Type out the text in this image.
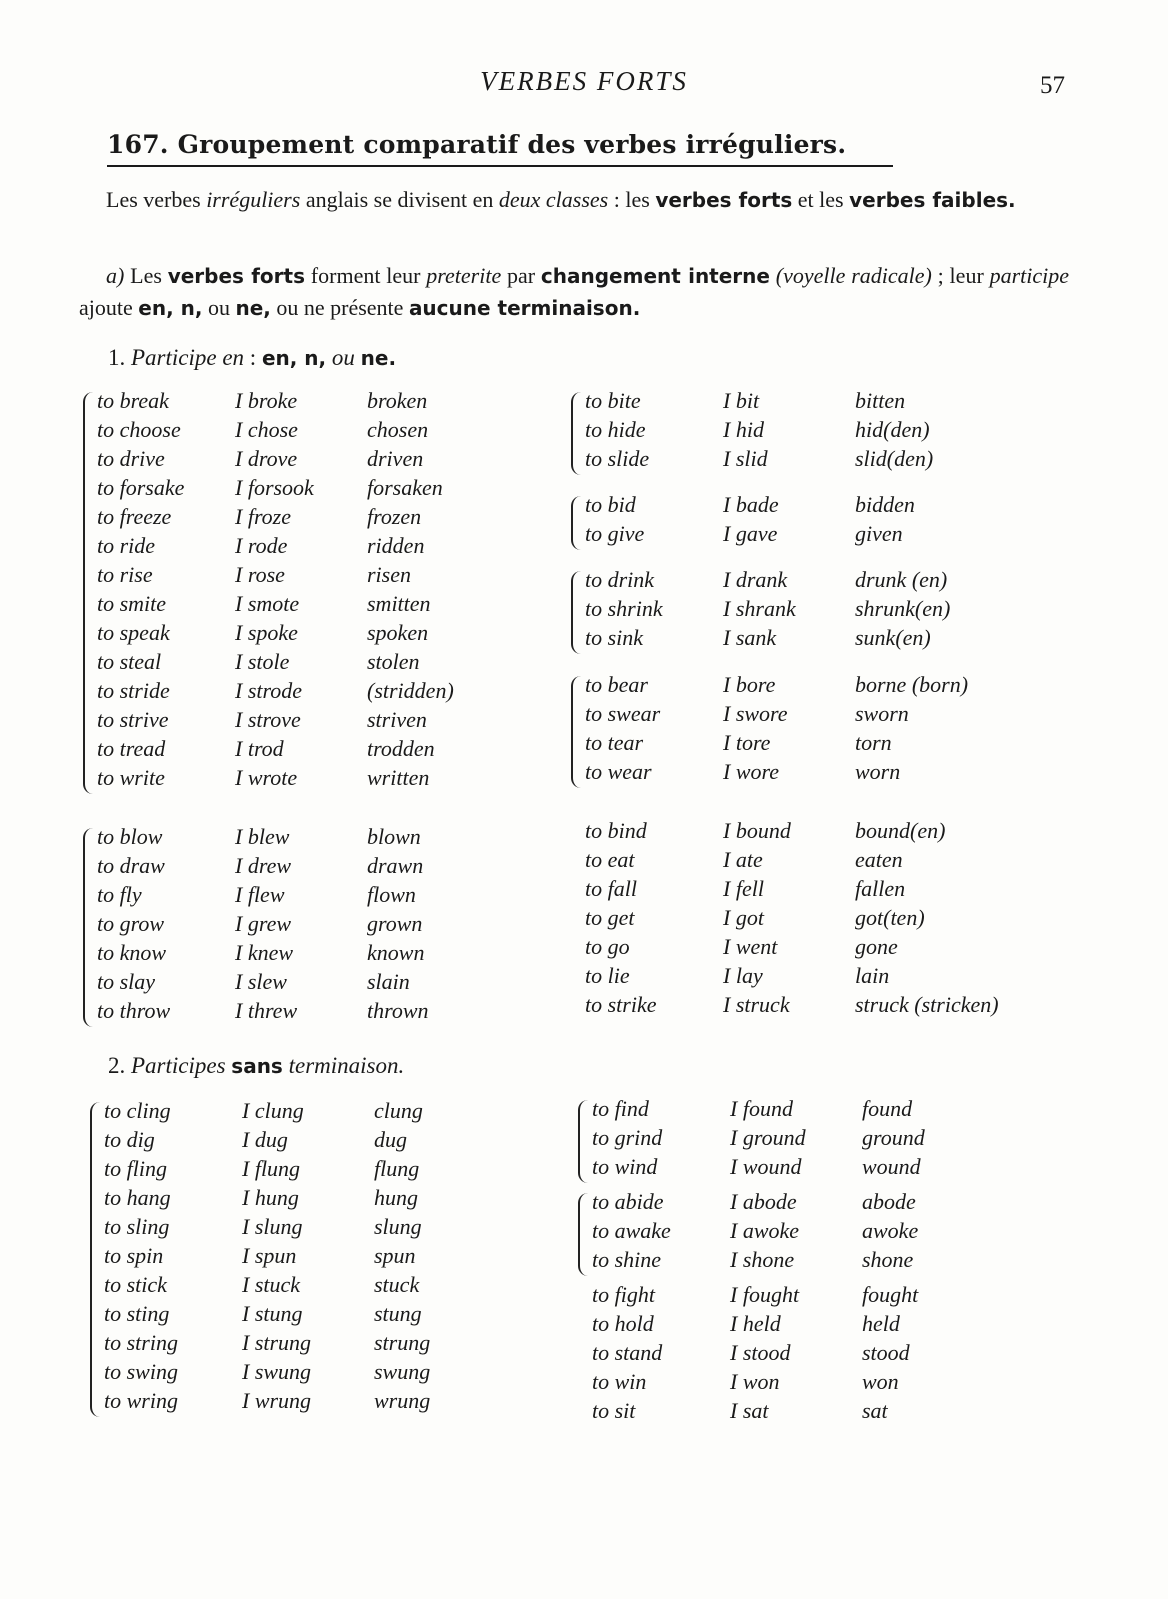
VERBES FORTS	57
167. Groupement comparatif des verbes irréguliers.
Les verbes irréguliers anglais se divisent en deux classes : les verbes forts et les verbes faibles.
a) Les verbes forts forment leur preterite par changement interne (voyelle radicale) ; leur participe ajoute en, n, ou ne, ou ne présente aucune terminaison.
1. Participe en : en, n, ou ne.
to break	I broke	broken
to choose I chose	chosen
to drive	I drove	driven
to forsake I forsook forsaken
to freeze	I froze	frozen
to ride	I rode	ridden
to rise	I rose	risen
to smite	I smote	smitten
to speak	I spoke	spoken
to steal	I stole	stolen
to stride	I strode	(stridden)
to strive	I strove	striven
to tread	I trod	trodden
to write	I wrote	written
to blow	I blew	blown
to draw	I drew	drawn
to fly	I flew	flown
to grow	I grew	grown
to know	I knew	known
to slay	I slew	slain
to throw	I threw	thrown
to bite	I bit	bitten
to hide	I hid	hid(den)
to slide	I slid	slid(den)
to bid	I bade	bidden
to give	I gave	given
to drink	I drank	drunk (en)
to shrink	I shrank	shrunk(en)
to sink	I sank	sunk(en)
to bear	I bore	borne (born)
to swear	I swore	sworn
to tear	I tore	torn
to wear	I wore	worn
to bind	I bound	bound(en)
to eat	I ate	eaten
to fall	I fell	fallen
to get	I got	got(ten)
to go	I went	gone
to lie	I lay	lain
to strike	I struck	struck (stricken)
2. Participes sans terminaison.
to cling	I clung	clung
to dig	I dug	dug
to fling	I flung	flung
to hang	I hung	hung
to sling	I slung	slung
to spin	I spun	spun
to stick	I stuck	stuck
to sting	I stung	stung
to string	I strung	strung
to swing	I swung	swung
to wring	I wrung	wrung
to find	I found	found
to grind	I ground	ground
to wind	I wound	wound
to abide	I abode	abode
to awake	I awoke	awoke
to shine	I shone	shone
to fight	I fought	fought
to hold	I held	held
to stand	I stood	stood
to win	I won	won
to sit	I sat	sat
